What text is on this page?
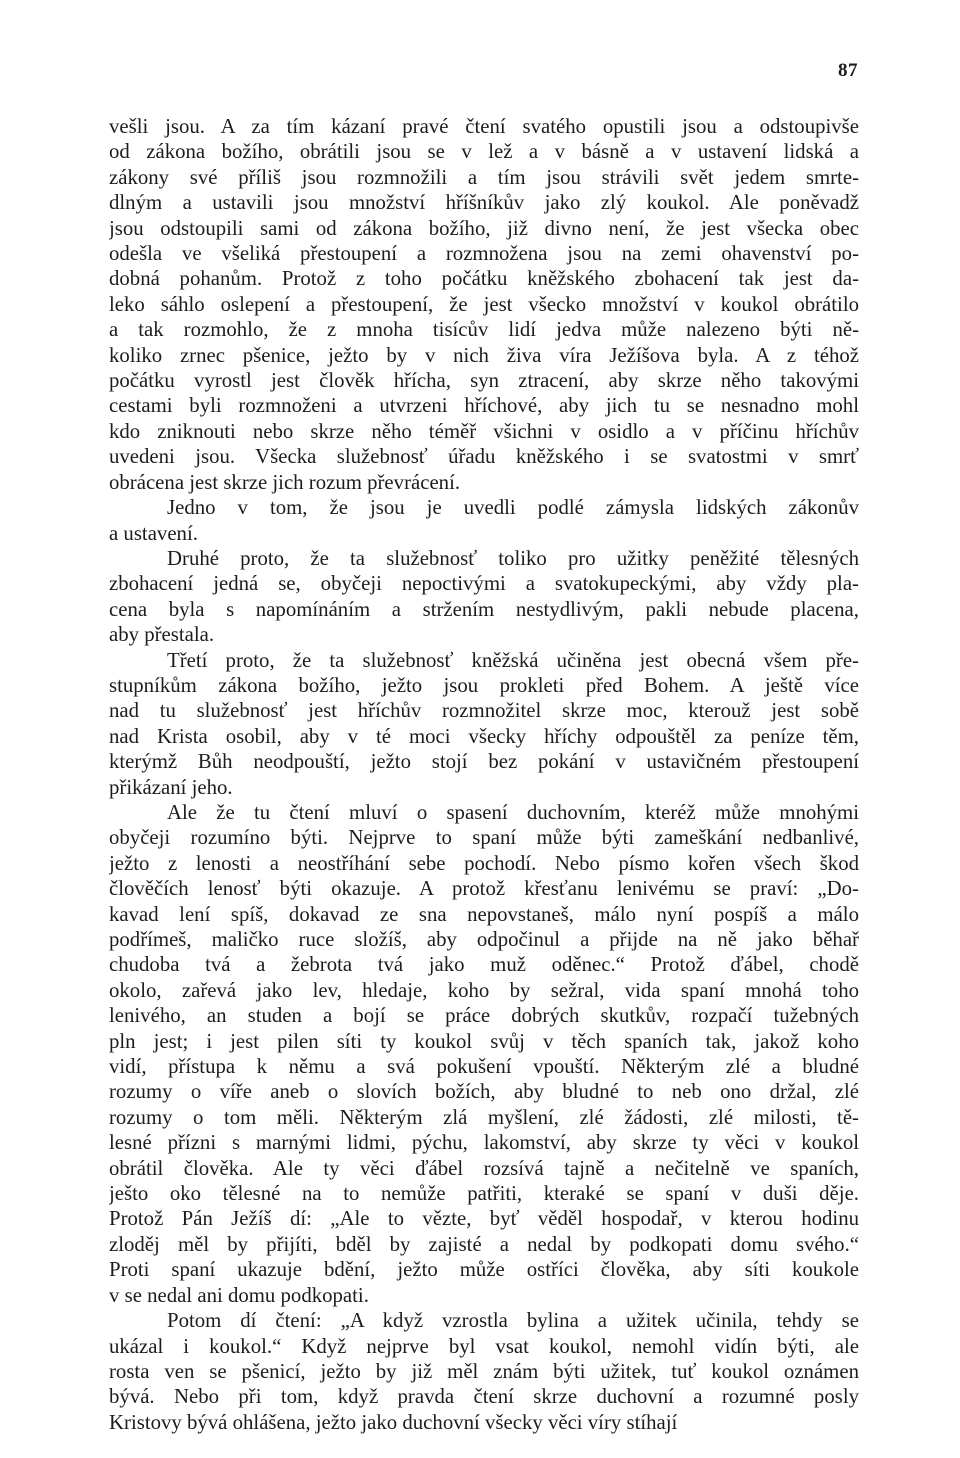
87
vešli jsou. A za tím kázaní pravé čtení svatého opustili jsou a odstoupivše
od zákona božího, obrátili jsou se v lež a v básně a v ustavení lidská a
zákony své příliš jsou rozmnožili a tím jsou strávili svět jedem smrte-
dlným a ustavili jsou množství hříšníkův jako zlý koukol. Ale poněvadž
jsou odstoupili sami od zákona božího, již divno není, že jest všecka obec
odešla ve všeliká přestoupení a rozmnožena jsou na zemi ohavenství po-
dobná pohanům. Protož z toho počátku kněžského zbohacení tak jest da-
leko sáhlo oslepení a přestoupení, že jest všecko množství v koukol obrátilo
a tak rozmohlo, že z mnoha tisícův lidí jedva může nalezeno býti ně-
koliko zrnec pšenice, ježto by v nich živa víra Ježíšova byla. A z téhož
počátku vyrostl jest člověk hřícha, syn ztracení, aby skrze něho takovými
cestami byli rozmnoženi a utvrzeni hříchové, aby jich tu se nesnadno mohl
kdo zniknouti nebo skrze něho téměř všichni v osidlo a v příčinu hříchův
uvedeni jsou. Všecka služebnosť úřadu kněžského i se svatostmi v smrť
obrácena jest skrze jich rozum převrácení.
Jedno v tom, že jsou je uvedli podlé zámysla lidských zákonův
a ustavení.
Druhé proto, že ta služebnosť toliko pro užitky peněžité tělesných
zbohacení jedná se, obyčeji nepoctivými a svatokupeckými, aby vždy pla-
cena byla s napomínáním a stržením nestydlivým, pakli nebude placena,
aby přestala.
Třetí proto, že ta služebnosť kněžská učiněna jest obecná všem pře-
stupníkům zákona božího, ježto jsou prokleti před Bohem. A ještě více
nad tu služebnosť jest hříchův rozmnožitel skrze moc, kterouž jest sobě
nad Krista osobil, aby v té moci všecky hříchy odpouštěl za peníze těm,
kterýmž Bůh neodpouští, ježto stojí bez pokání v ustavičném přestoupení
přikázaní jeho.
Ale že tu čtení mluví o spasení duchovním, kteréž může mnohými
obyčeji rozumíno býti. Nejprve to spaní může býti zameškání nedbanlivé,
ježto z lenosti a neostříhání sebe pochodí. Nebo písmo kořen všech škod
člověčích lenosť býti okazuje. A protož křesťanu lenivému se praví: „Do-
kavad lení spíš, dokavad ze sna nepovstaneš, málo nyní pospíš a málo
podřímeš, maličko ruce složíš, aby odpočinul a přijde na ně jako běhař
chudoba tvá a žebrota tvá jako muž oděnec.“ Protož ďábel, chodě
okolo, zařevá jako lev, hledaje, koho by sežral, vida spaní mnohá toho
lenivého, an studen a bojí se práce dobrých skutkův, rozpačí tužebných
pln jest; i jest pilen síti ty koukol svůj v těch spaních tak, jakož koho
vidí, přístupa k němu a svá pokušení vpouští. Některým zlé a bludné
rozumy o víře aneb o slovích božích, aby bludné to neb ono držal, zlé
rozumy o tom měli. Některým zlá myšlení, zlé žádosti, zlé milosti, tě-
lesné přízni s marnými lidmi, pýchu, lakomství, aby skrze ty věci v koukol
obrátil člověka. Ale ty věci ďábel rozsívá tajně a nečitelně ve spaních,
ješto oko tělesné na to nemůže patřiti, kteraké se spaní v duši děje.
Protož Pán Ježíš dí: „Ale to vězte, byť věděl hospodař, v kterou hodinu
zloděj měl by přijíti, bděl by zajisté a nedal by podkopati domu svého.“
Proti spaní ukazuje bdění, ježto může ostříci člověka, aby síti koukole
v se nedal ani domu podkopati.
Potom dí čtení: „A když vzrostla bylina a užitek učinila, tehdy se
ukázal i koukol.“ Když nejprve byl vsat koukol, nemohl vidín býti, ale
rosta ven se pšenicí, ježto by již měl znám býti užitek, tuť koukol oznámen
bývá. Nebo při tom, když pravda čtení skrze duchovní a rozumné posly
Kristovy bývá ohlášena, ježto jako duchovní všecky věci víry stíhají
